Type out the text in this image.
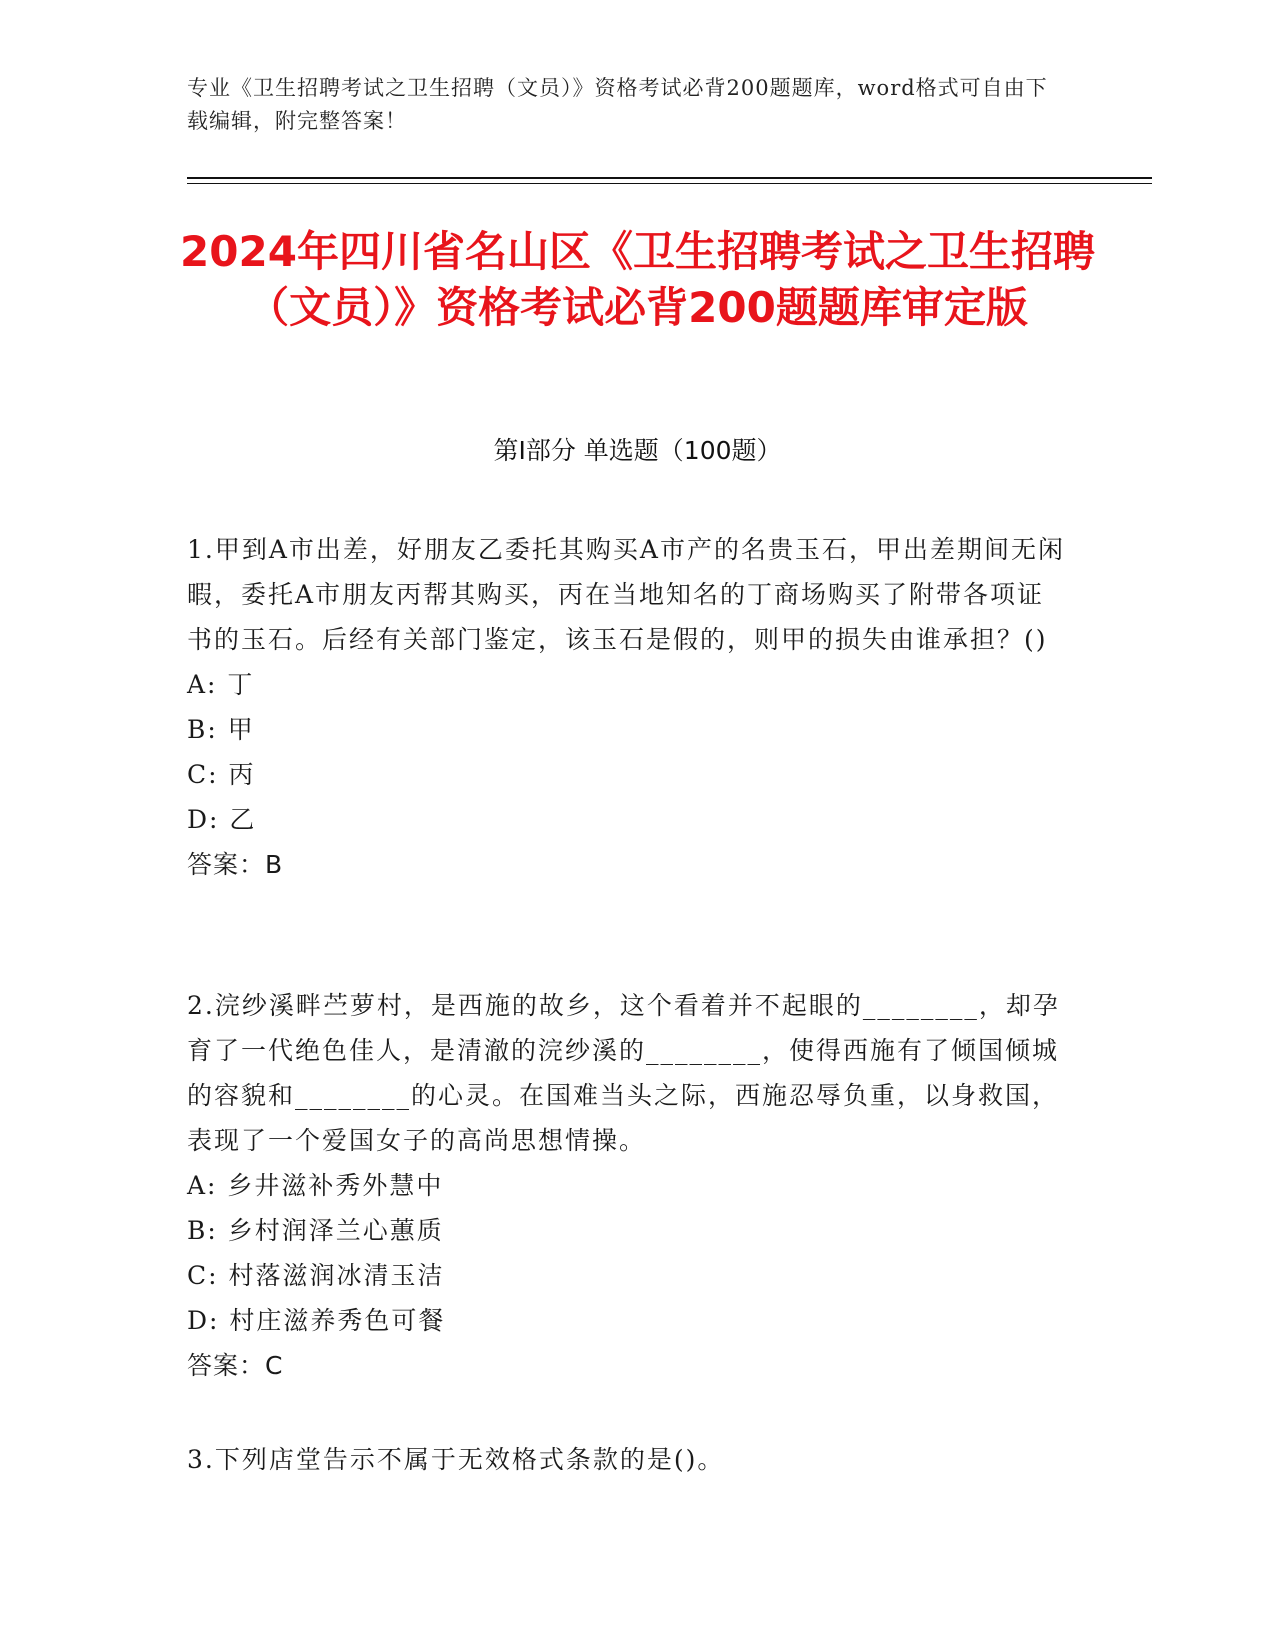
专业《卫生招聘考试之卫生招聘（文员）》资格考试必背200题题库，word格式可自由下载编辑，附完整答案！
2024年四川省名山区《卫生招聘考试之卫生招聘（文员）》资格考试必背200题题库审定版
第Ⅰ部分 单选题（100题）
1.甲到A市出差，好朋友乙委托其购买A市产的名贵玉石，甲出差期间无闲暇，委托A市朋友丙帮其购买，丙在当地知名的丁商场购买了附带各项证书的玉石。后经有关部门鉴定，该玉石是假的，则甲的损失由谁承担？()
A: 丁
B: 甲
C: 丙
D: 乙
答案：B
2.浣纱溪畔苎萝村，是西施的故乡，这个看着并不起眼的________，却孕育了一代绝色佳人，是清澈的浣纱溪的________，使得西施有了倾国倾城的容貌和________的心灵。在国难当头之际，西施忍辱负重，以身救国，表现了一个爱国女子的高尚思想情操。
A: 乡井滋补秀外慧中
B: 乡村润泽兰心蕙质
C: 村落滋润冰清玉洁
D: 村庄滋养秀色可餐
答案：C
3.下列店堂告示不属于无效格式条款的是()。
